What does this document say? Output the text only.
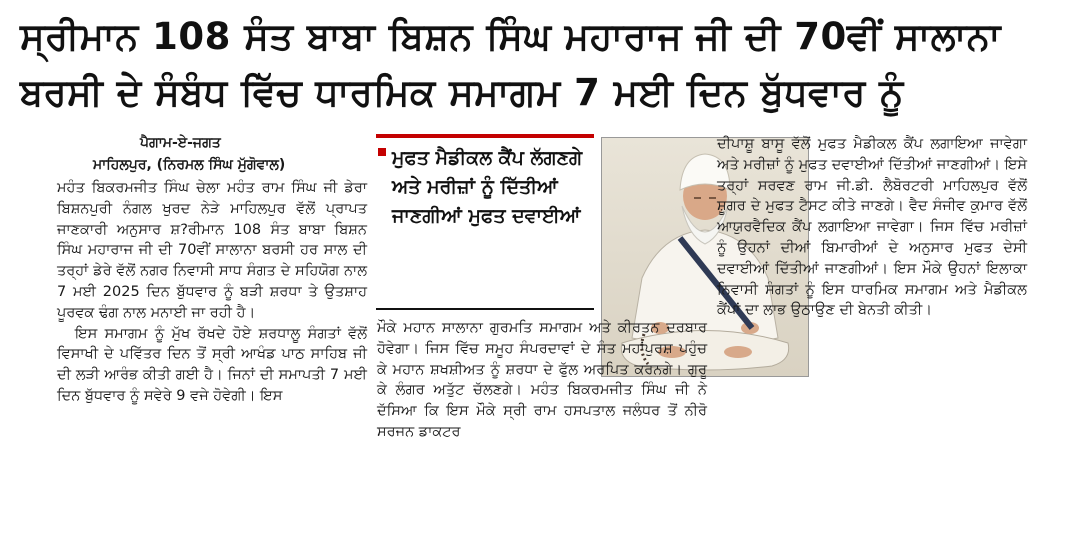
ਸ੍ਰੀਮਾਨ 108 ਸੰਤ ਬਾਬਾ ਬਿਸ਼ਨ ਸਿੰਘ ਮਹਾਰਾਜ ਜੀ ਦੀ 70ਵੀਂ ਸਾਲਾਨਾ
ਬਰਸੀ ਦੇ ਸੰਬੰਧ ਵਿੱਚ ਧਾਰਮਿਕ ਸਮਾਗਮ 7 ਮਈ ਦਿਨ ਬੁੱਧਵਾਰ ਨੂੰ
ਪੈਗਾਮ-ਏ-ਜਗਤ
ਮਾਹਿਲਪੁਰ, (ਨਿਰਮਲ ਸਿੰਘ ਮੁੱਗੋਵਾਲ)

ਮਹੰਤ ਬਿਕਰਮਜੀਤ ਸਿੰਘ ਚੇਲਾ ਮਹੰਤ ਰਾਮ ਸਿੰਘ ਜੀ ਡੇਰਾ ਬਿਸ਼ਨਪੁਰੀ ਨੰਗਲ ਖੁਰਦ ਨੇੜੇ ਮਾਹਿਲਪੁਰ ਵੱਲੋਂ ਪ੍ਰਾਪਤ ਜਾਣਕਾਰੀ ਅਨੁਸਾਰ ਸ਼?ਰੀਮਾਨ 108 ਸੰਤ ਬਾਬਾ ਬਿਸ਼ਨ ਸਿੰਘ ਮਹਾਰਾਜ ਜੀ ਦੀ 70ਵੀਂ ਸਾਲਾਨਾ ਬਰਸੀ ਹਰ ਸਾਲ ਦੀ ਤਰ੍ਹਾਂ ਡੇਰੇ ਵੱਲੋਂ ਨਗਰ ਨਿਵਾਸੀ ਸਾਧ ਸੰਗਤ ਦੇ ਸਹਿਯੋਗ ਨਾਲ 7 ਮਈ 2025 ਦਿਨ ਬੁੱਧਵਾਰ ਨੂੰ ਬੜੀ ਸ਼ਰਧਾ ਤੇ ਉਤਸ਼ਾਹ ਪੂਰਵਕ ਢੰਗ ਨਾਲ ਮਨਾਈ ਜਾ ਰਹੀ ਹੈ।

ਇਸ ਸਮਾਗਮ ਨੂੰ ਮੁੱਖ ਰੱਖਦੇ ਹੋਏ ਸ਼ਰਧਾਲੂ ਸੰਗਤਾਂ ਵੱਲੋਂ ਵਿਸਾਖੀ ਦੇ ਪਵਿੱਤਰ ਦਿਨ ਤੋਂ ਸ੍ਰੀ ਆਖੰਡ ਪਾਠ ਸਾਹਿਬ ਜੀ ਦੀ ਲੜੀ ਆਰੰਭ ਕੀਤੀ ਗਈ ਹੈ। ਜਿਨਾਂ ਦੀ ਸਮਾਪਤੀ 7 ਮਈ ਦਿਨ ਬੁੱਧਵਾਰ ਨੂੰ ਸਵੇਰੇ 9 ਵਜੇ ਹੋਵੇਗੀ। ਇਸ

ਮੁਫਤ ਮੈਡੀਕਲ ਕੈਂਪ ਲੱਗਣਗੇ ਅਤੇ ਮਰੀਜ਼ਾਂ ਨੂੰ ਦਿੱਤੀਆਂ ਜਾਣਗੀਆਂ ਮੁਫਤ ਦਵਾਈਆਂ

ਮੌਕੇ ਮਹਾਨ ਸਾਲਾਨਾ ਗੁਰਮਤਿ ਸਮਾਗਮ ਅਤੇ ਕੀਰਤਨ ਦਰਬਾਰ ਹੋਵੇਗਾ। ਜਿਸ ਵਿੱਚ ਸਮੂਹ ਸੰਪਰਦਾਵਾਂ ਦੇ ਸੰਤ ਮਹਾਂਪੁਰਸ਼ ਪਹੁੰਚ ਕੇ ਮਹਾਨ ਸ਼ਖਸ਼ੀਅਤ ਨੂੰ ਸ਼ਰਧਾ ਦੇ ਫੁੱਲ ਅਰਪਿਤ ਕਰਨਗੇ। ਗੁਰੂ ਕੇ ਲੰਗਰ ਅਤੁੱਟ ਚੱਲਣਗੇ। ਮਹੰਤ ਬਿਕਰਮਜੀਤ ਸਿੰਘ ਜੀ ਨੇ ਦੱਸਿਆ ਕਿ ਇਸ ਮੌਕੇ ਸ੍ਰੀ ਰਾਮ ਹਸਪਤਾਲ ਜਲੰਧਰ ਤੋਂ ਨੀਰੋ ਸਰਜਨ ਡਾਕਟਰ

ਦੀਪਾਸ਼ੂ ਬਾਸੂ ਵੱਲੋਂ ਮੁਫਤ ਮੈਡੀਕਲ ਕੈਂਪ ਲਗਾਇਆ ਜਾਵੇਗਾ ਅਤੇ ਮਰੀਜ਼ਾਂ ਨੂੰ ਮੁਫਤ ਦਵਾਈਆਂ ਦਿੱਤੀਆਂ ਜਾਣਗੀਆਂ। ਇਸੇ ਤਰ੍ਹਾਂ ਸਰਵਣ ਰਾਮ ਜੀ.ਡੀ. ਲੈਬੋਰਟਰੀ ਮਾਹਿਲਪੁਰ ਵੱਲੋਂ ਸ਼ੂਗਰ ਦੇ ਮੁਫਤ ਟੈਸਟ ਕੀਤੇ ਜਾਣਗੇ। ਵੈਦ ਸੰਜੀਵ ਕੁਮਾਰ ਵੱਲੋਂ ਆਯੁਰਵੈਦਿਕ ਕੈਂਪ ਲਗਾਇਆ ਜਾਵੇਗਾ। ਜਿਸ ਵਿੱਚ ਮਰੀਜ਼ਾਂ ਨੂੰ ਉਹਨਾਂ ਦੀਆਂ ਬਿਮਾਰੀਆਂ ਦੇ ਅਨੁਸਾਰ ਮੁਫਤ ਦੇਸੀ ਦਵਾਈਆਂ ਦਿੱਤੀਆਂ ਜਾਣਗੀਆਂ। ਇਸ ਮੌਕੇ ਉਹਨਾਂ ਇਲਾਕਾ ਨਿਵਾਸੀ ਸੰਗਤਾਂ ਨੂੰ ਇਸ ਧਾਰਮਿਕ ਸਮਾਗਮ ਅਤੇ ਮੈਡੀਕਲ ਕੈਂਪਾਂ ਦਾ ਲਾਭ ਉਠਾਉਣ ਦੀ ਬੇਨਤੀ ਕੀਤੀ।
